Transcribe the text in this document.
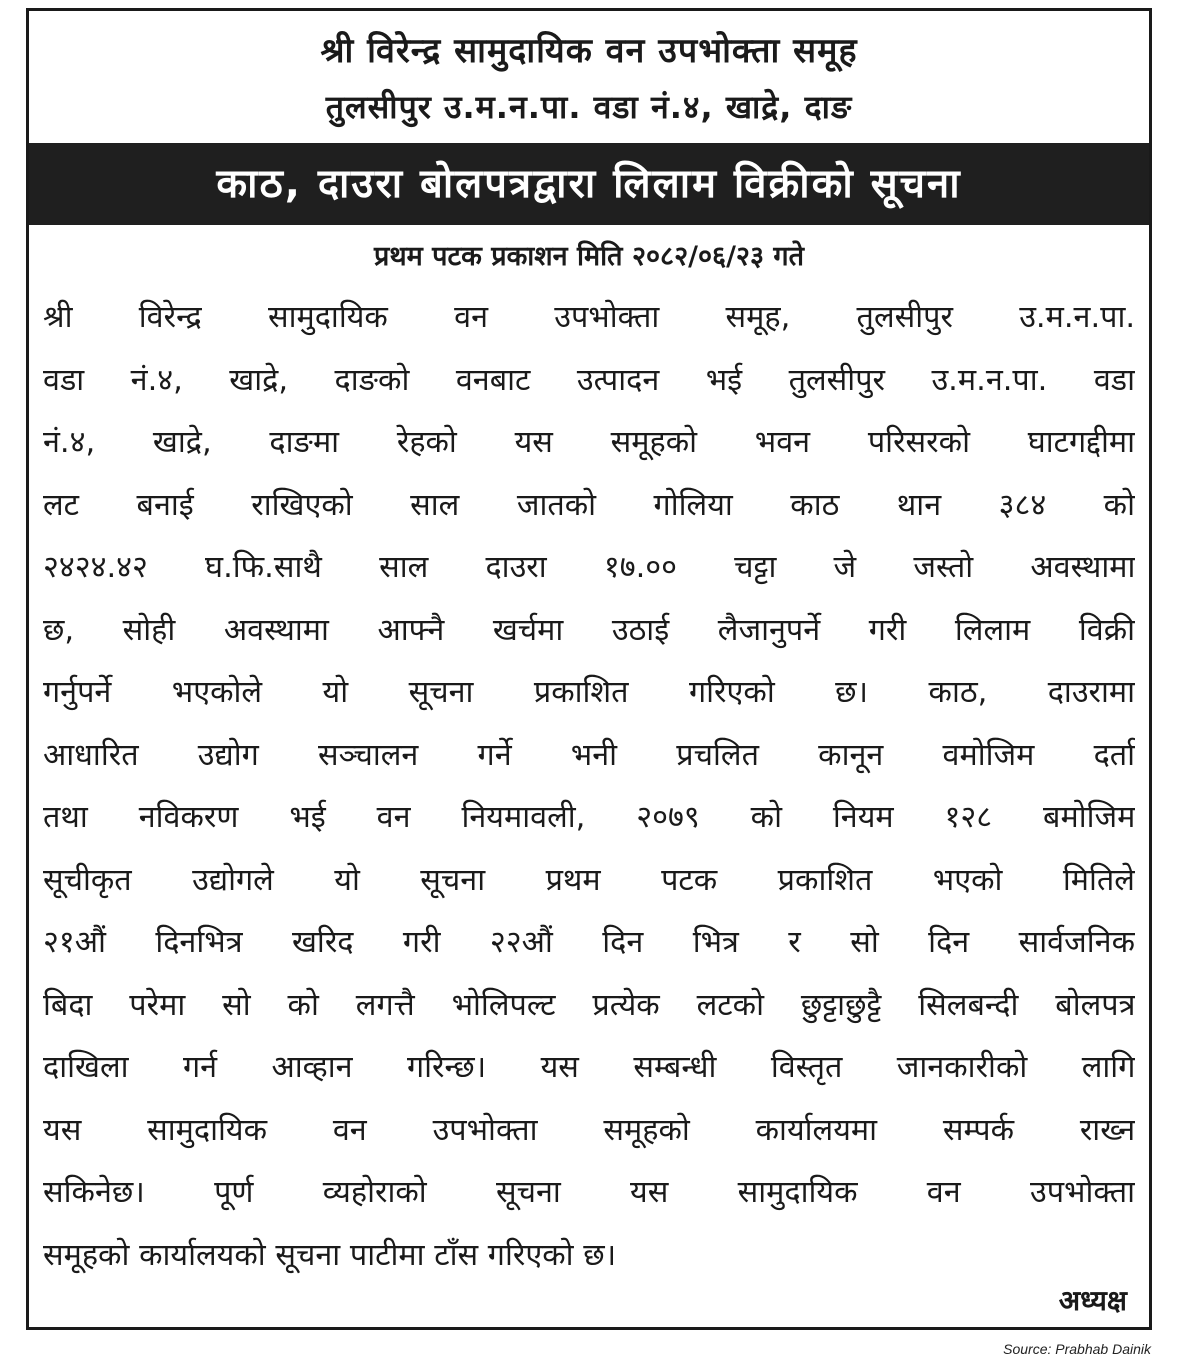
श्री विरेन्द्र सामुदायिक वन उपभोक्ता समूह
तुलसीपुर उ.म.न.पा. वडा नं.४, खाद्रे, दाङ
काठ, दाउरा बोलपत्रद्वारा लिलाम विक्रीको सूचना
प्रथम पटक प्रकाशन मिति २०८२/०६/२३ गते
श्री विरेन्द्र सामुदायिक वन उपभोक्ता समूह, तुलसीपुर उ.म.न.पा.
वडा नं.४, खाद्रे, दाङको वनबाट उत्पादन भई तुलसीपुर उ.म.न.पा. वडा
नं.४, खाद्रे, दाङमा रेहको यस समूहको भवन परिसरको घाटगद्दीमा
लट बनाई राखिएको साल जातको गोलिया काठ थान ३८४ को
२४२४.४२ घ.फि.साथै साल दाउरा १७.०० चट्टा जे जस्तो अवस्थामा
छ, सोही अवस्थामा आफ्नै खर्चमा उठाई लैजानुपर्ने गरी लिलाम विक्री
गर्नुपर्ने भएकोले यो सूचना प्रकाशित गरिएको छ। काठ, दाउरामा
आधारित उद्योग सञ्चालन गर्ने भनी प्रचलित कानून वमोजिम दर्ता
तथा नविकरण भई वन नियमावली, २०७९ को नियम १२८ बमोजिम
सूचीकृत उद्योगले यो सूचना प्रथम पटक प्रकाशित भएको मितिले
२१औं दिनभित्र खरिद गरी २२औं दिन भित्र र सो दिन सार्वजनिक
बिदा परेमा सो को लगत्तै भोलिपल्ट प्रत्येक लटको छुट्टाछुट्टै सिलबन्दी बोलपत्र
दाखिला गर्न आव्हान गरिन्छ। यस सम्बन्धी विस्तृत जानकारीको लागि
यस सामुदायिक वन उपभोक्ता समूहको कार्यालयमा सम्पर्क राख्न
सकिनेछ। पूर्ण व्यहोराको सूचना यस सामुदायिक वन उपभोक्ता
समूहको कार्यालयको सूचना पाटीमा टाँस गरिएको छ।
अध्यक्ष
Source: Prabhab Dainik
